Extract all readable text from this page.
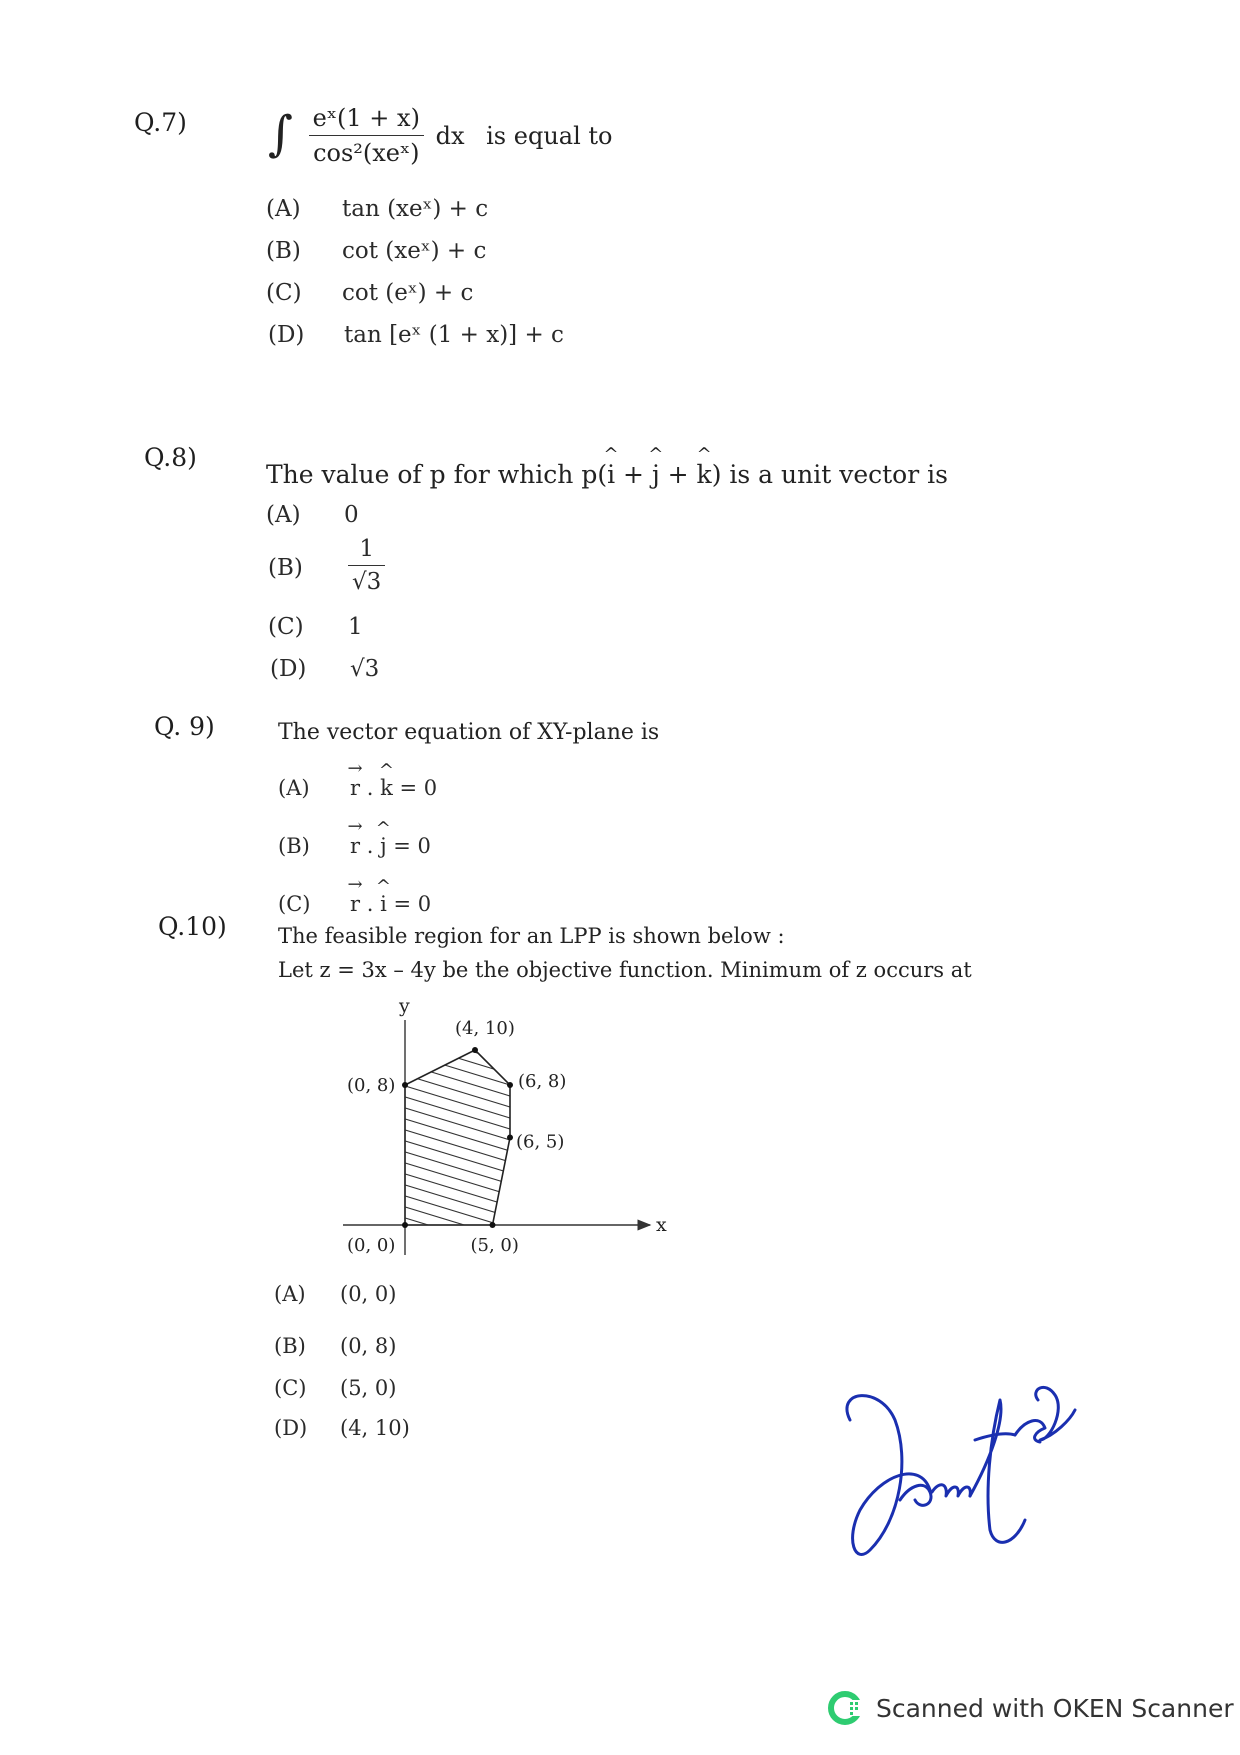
Q.7) ∫ $\frac{\text{eˣ(1 + x)}}{\text{cos²(xeˣ)}}$ dx is equal to
(A) tan (xeˣ) + c
(B) cot (xeˣ) + c
(C) cot (eˣ) + c
(D) tan [eˣ (1 + x)] + c
Q.8)
The value of p for which p(^ i + ^ j + ^ k) is a unit vector is
(A) 0
$(B) \frac{1}{√3}$
(C) 1
(D) √3
Q. 9)	The vector equation of XY-plane is
(A) → r . ^ k = 0
(B) → r . ^ j = 0
(C) → r . ^ i = 0
Q.10) The feasible region for an LPP is shown below :
Let z = 3x – 4y be the objective function. Minimum of z occurs at
x
y
(0, 0)	(5, 0)
(6, 5)
(6, 8)
(4, 10)
(0, 8)
(A) (0, 0)
(B) (0, 8)
(C) (5, 0)
(D) (4, 10)
Scanned with OKEN Scanner
